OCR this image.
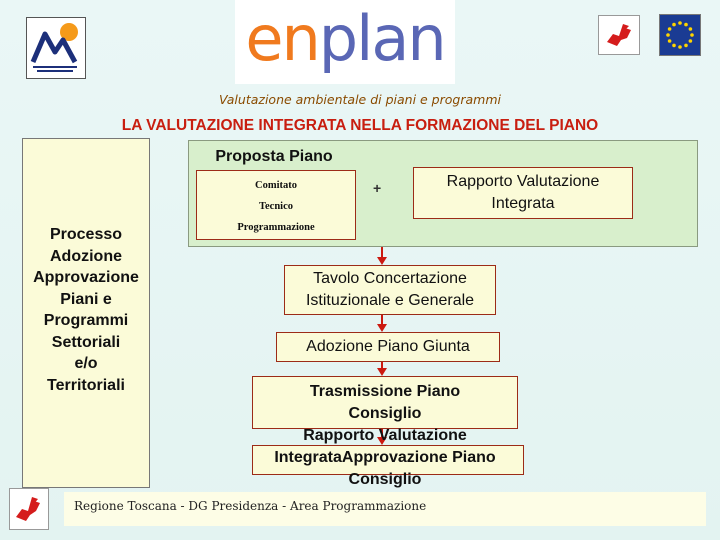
enplan
Valutazione ambientale di piani e programmi
LA VALUTAZIONE INTEGRATA NELLA FORMAZIONE DEL PIANO
Processo
Adozione
Approvazione
Piani e
Programmi
Settoriali
e/o
Territoriali
Proposta Piano
Comitato
Tecnico
Programmazione
+	Rapporto Valutazione Integrata
Tavolo Concertazione Istituzionale e Generale
Adozione Piano Giunta
Trasmissione Piano
Consiglio
Rapporto Valutazione
IntegrataApprovazione Piano
Consiglio
Regione Toscana - DG Presidenza - Area Programmazione
